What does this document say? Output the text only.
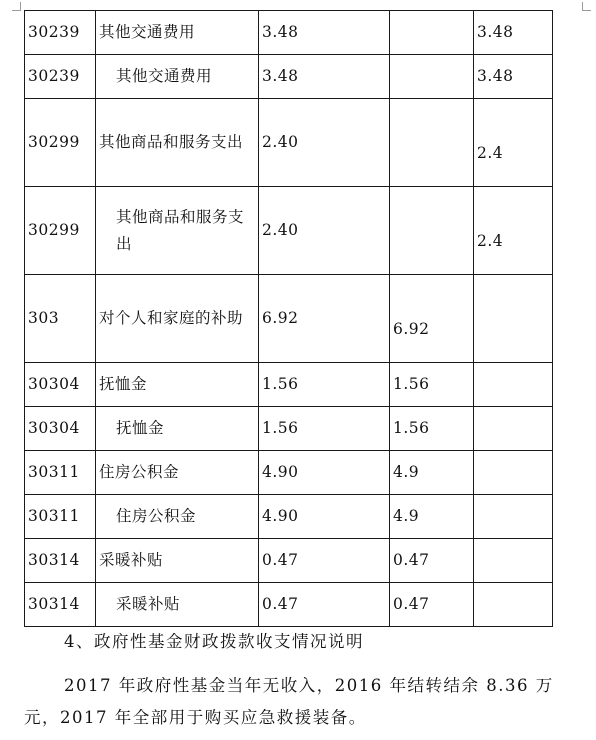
30239	其他交通费用	3.48		3.48
30239	其他交通费用	3.48		3.48
30299	其他商品和服务支出	2.40		2.4

30299	其他商品和服务支出	2.40		2.4

303	对个人和家庭的补助	6.92	6.92	

30304	抚恤金	1.56	1.56	
30304	抚恤金	1.56	1.56	
30311	住房公积金	4.90	4.9	
30311	住房公积金	4.90	4.9	
30314	采暖补贴	0.47	0.47	
30314	采暖补贴	0.47	0.47	

4、政府性基金财政拨款收支情况说明

2017 年政府性基金当年无收入，2016 年结转结余 8.36 万元，2017 年全部用于购买应急救援装备。
